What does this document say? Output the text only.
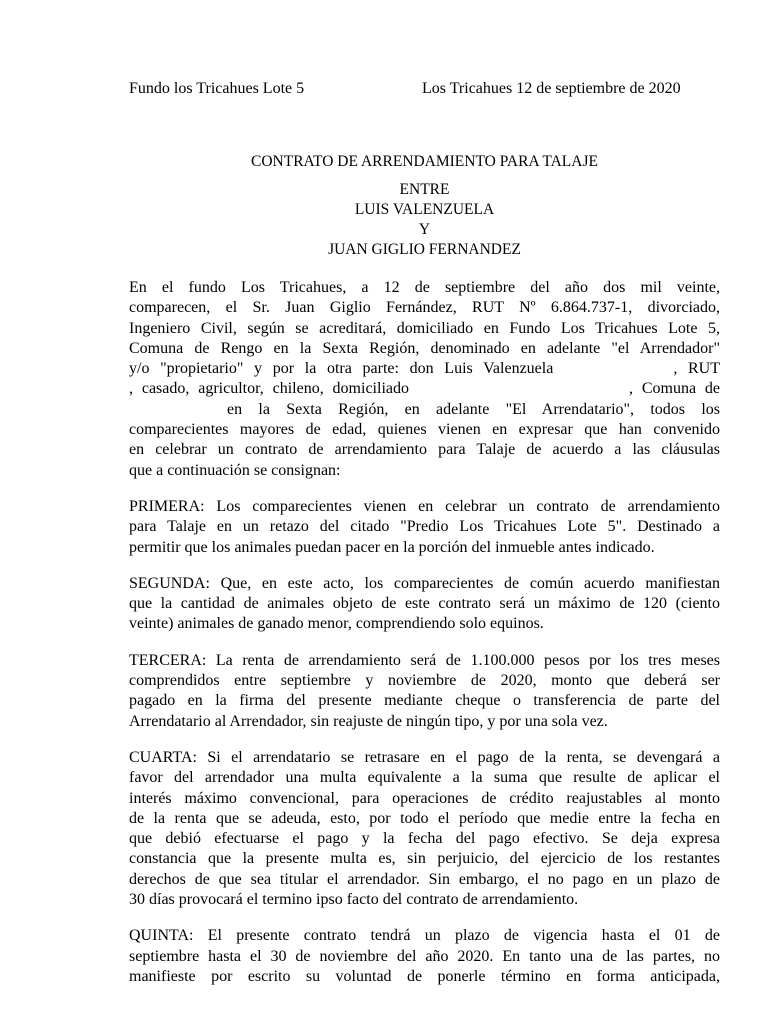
Fundo los Tricahues Lote 5	Los Tricahues 12 de septiembre de 2020
CONTRATO DE ARRENDAMIENTO PARA TALAJE
ENTRE
LUIS VALENZUELA
Y
JUAN GIGLIO FERNANDEZ
En el fundo Los Tricahues, a 12 de septiembre del año dos mil veinte,
comparecen, el Sr. Juan Giglio Fernández, RUT Nº 6.864.737-1, divorciado,
Ingeniero Civil, según se acreditará, domiciliado en Fundo Los Tricahues Lote 5,
Comuna de Rengo en la Sexta Región, denominado en adelante "el Arrendador"
y/o "propietario" y por la otra parte: don Luis Valenzuela	, RUT
, casado, agricultor, chileno, domiciliado	, Comuna de
en la Sexta Región, en adelante "El Arrendatario", todos los
comparecientes mayores de edad, quienes vienen en expresar que han convenido
en celebrar un contrato de arrendamiento para Talaje de acuerdo a las cláusulas
que a continuación se consignan:
PRIMERA: Los comparecientes vienen en celebrar un contrato de arrendamiento
para Talaje en un retazo del citado "Predio Los Tricahues Lote 5". Destinado a
permitir que los animales puedan pacer en la porción del inmueble antes indicado.
SEGUNDA: Que, en este acto, los comparecientes de común acuerdo manifiestan
que la cantidad de animales objeto de este contrato será un máximo de 120 (ciento
veinte) animales de ganado menor, comprendiendo solo equinos.
TERCERA: La renta de arrendamiento será de 1.100.000 pesos por los tres meses
comprendidos entre septiembre y noviembre de 2020, monto que deberá ser
pagado en la firma del presente mediante cheque o transferencia de parte del
Arrendatario al Arrendador, sin reajuste de ningún tipo, y por una sola vez.
CUARTA: Si el arrendatario se retrasare en el pago de la renta, se devengará a
favor del arrendador una multa equivalente a la suma que resulte de aplicar el
interés máximo convencional, para operaciones de crédito reajustables al monto
de la renta que se adeuda, esto, por todo el período que medie entre la fecha en
que debió efectuarse el pago y la fecha del pago efectivo. Se deja expresa
constancia que la presente multa es, sin perjuicio, del ejercicio de los restantes
derechos de que sea titular el arrendador. Sin embargo, el no pago en un plazo de
30 días provocará el termino ipso facto del contrato de arrendamiento.
QUINTA: El presente contrato tendrá un plazo de vigencia hasta el 01 de
septiembre hasta el 30 de noviembre del año 2020. En tanto una de las partes, no
manifieste por escrito su voluntad de ponerle término en forma anticipada,
